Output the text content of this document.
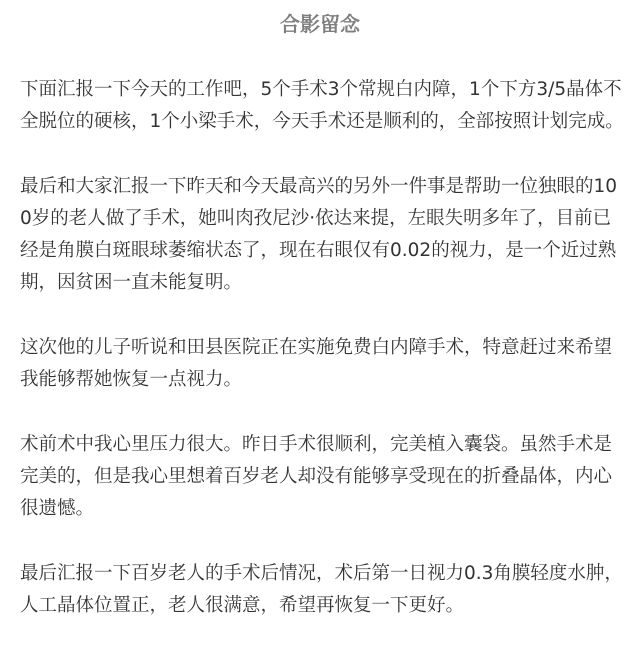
合影留念

下面汇报一下今天的工作吧，5个手术3个常规白内障，1个下方3/5晶体不全脱位的硬核，1个小梁手术，今天手术还是顺利的，全部按照计划完成。

最后和大家汇报一下昨天和今天最高兴的另外一件事是帮助一位独眼的100岁的老人做了手术，她叫肉孜尼沙·依达来提，左眼失明多年了，目前已经是角膜白斑眼球萎缩状态了，现在右眼仅有0.02的视力，是一个近过熟期，因贫困一直未能复明。

这次他的儿子听说和田县医院正在实施免费白内障手术，特意赶过来希望我能够帮她恢复一点视力。

术前术中我心里压力很大。昨日手术很顺利，完美植入囊袋。虽然手术是完美的，但是我心里想着百岁老人却没有能够享受现在的折叠晶体，内心很遗憾。

最后汇报一下百岁老人的手术后情况，术后第一日视力0.3角膜轻度水肿，人工晶体位置正，老人很满意，希望再恢复一下更好。
